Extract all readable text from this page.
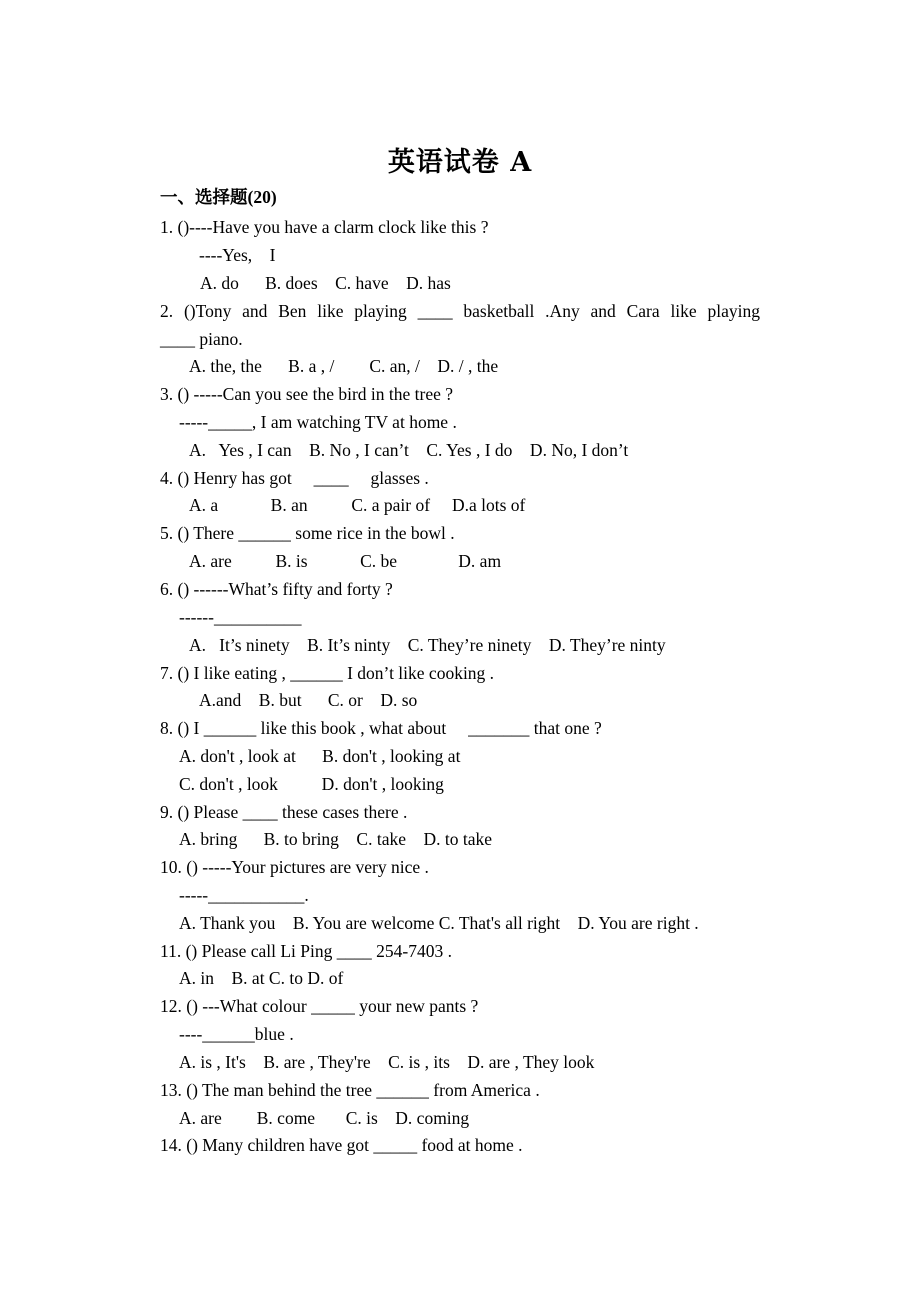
英语试卷 A
一、选择题(20)
1. ()----Have you have a clarm clock like this ?
----Yes,    I
A. do      B. does    C. have    D. has
2. ()Tony and Ben like playing ____ basketball .Any and Cara like playing
____ piano.
A. the, the      B. a , /        C. an, /    D. / , the
3. () -----Can you see the bird in the tree ?
-----_____, I am watching TV at home .
A.   Yes , I can    B. No , I can’t    C. Yes , I do    D. No, I don’t
4. () Henry has got     ____     glasses .
A. a            B. an          C. a pair of     D.a lots of
5. () There ______ some rice in the bowl .
A. are          B. is            C. be              D. am
6. () ------What’s fifty and forty ?
------__________
A.   It’s ninety    B. It’s ninty    C. They’re ninety    D. They’re ninty
7. () I like eating , ______ I don’t like cooking .
A.and    B. but      C. or    D. so
8. () I ______ like this book , what about     _______ that one ?
A. don't , look at      B. don't , looking at
C. don't , look          D. don't , looking
9. () Please ____ these cases there .
A. bring      B. to bring    C. take    D. to take
10. () -----Your pictures are very nice .
-----___________.
A. Thank you    B. You are welcome C. That's all right    D. You are right .
11. () Please call Li Ping ____ 254-7403 .
A. in    B. at C. to D. of
12. () ---What colour _____ your new pants ?
----______blue .
A. is , It's    B. are , They're    C. is , its    D. are , They look
13. () The man behind the tree ______ from America .
A. are        B. come       C. is    D. coming
14. () Many children have got _____ food at home .
